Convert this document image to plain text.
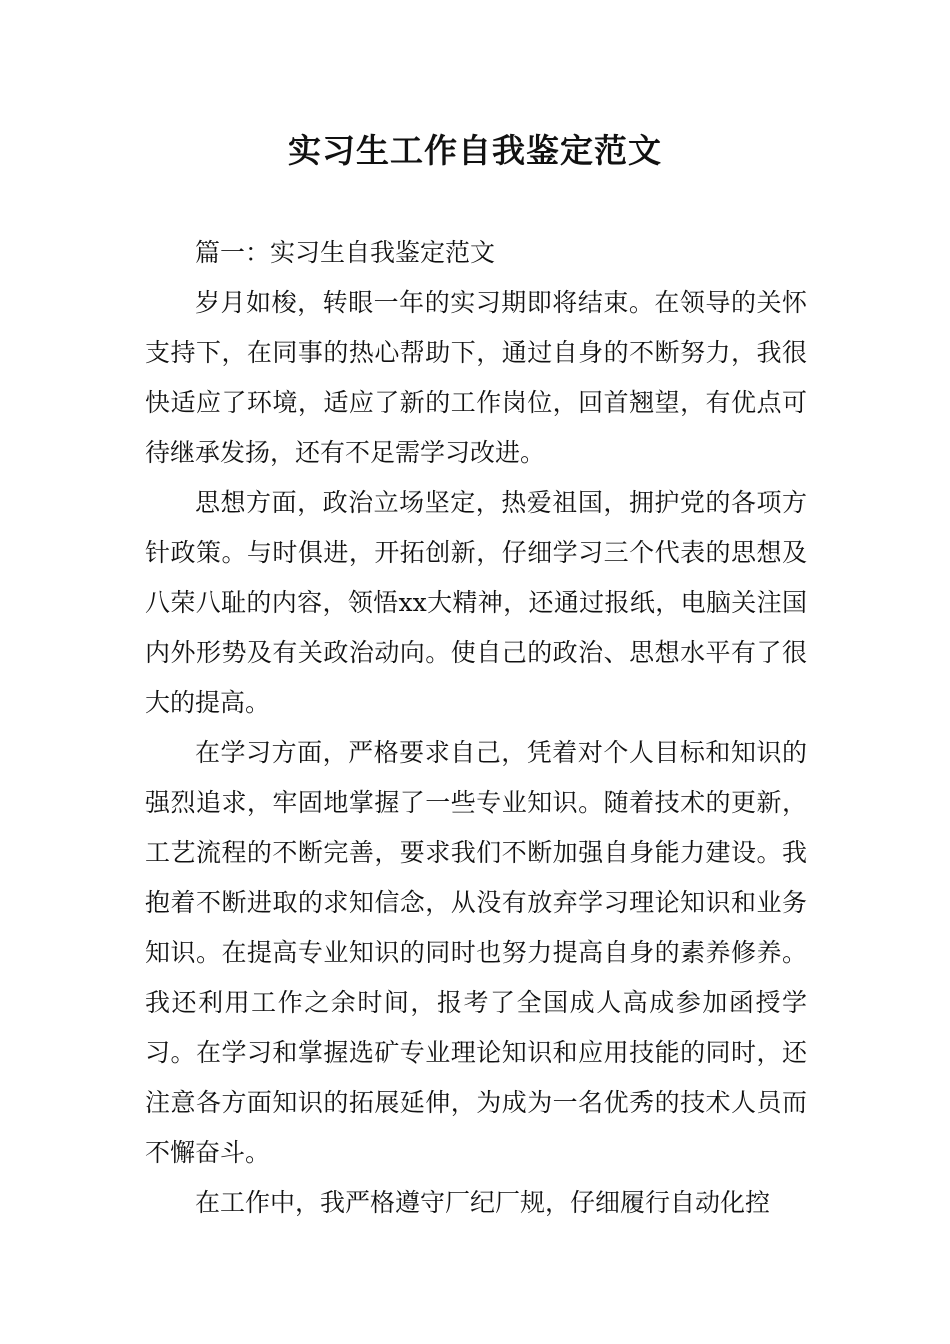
实习生工作自我鉴定范文

篇一：实习生自我鉴定范文

岁月如梭，转眼一年的实习期即将结束。在领导的关怀支持下，在同事的热心帮助下，通过自身的不断努力，我很快适应了环境，适应了新的工作岗位，回首翘望，有优点可待继承发扬，还有不足需学习改进。

思想方面，政治立场坚定，热爱祖国，拥护党的各项方针政策。与时俱进，开拓创新，仔细学习三个代表的思想及八荣八耻的内容，领悟xx大精神，还通过报纸，电脑关注国内外形势及有关政治动向。使自己的政治、思想水平有了很大的提高。

在学习方面，严格要求自己，凭着对个人目标和知识的强烈追求，牢固地掌握了一些专业知识。随着技术的更新，工艺流程的不断完善，要求我们不断加强自身能力建设。我抱着不断进取的求知信念，从没有放弃学习理论知识和业务知识。在提高专业知识的同时也努力提高自身的素养修养。我还利用工作之余时间，报考了全国成人高成参加函授学习。在学习和掌握选矿专业理论知识和应用技能的同时，还注意各方面知识的拓展延伸，为成为一名优秀的技术人员而不懈奋斗。

在工作中，我严格遵守厂纪厂规，仔细履行自动化控
